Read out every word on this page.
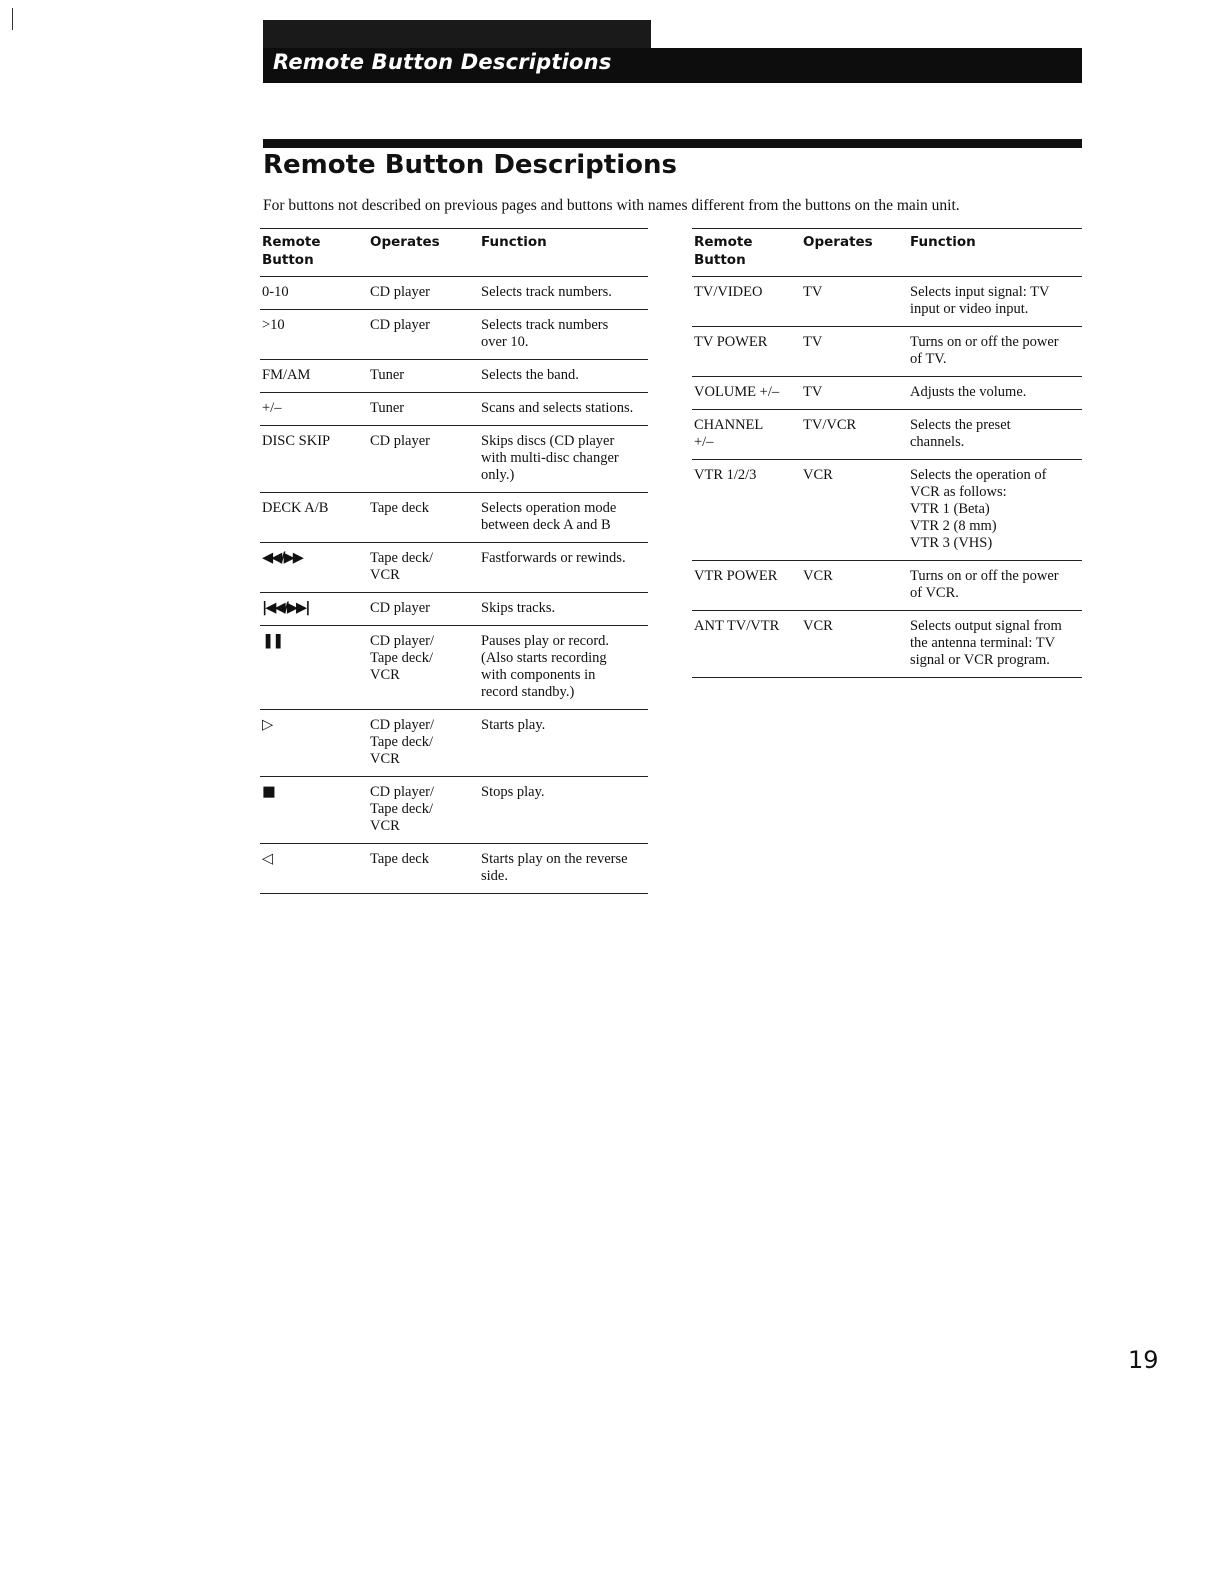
Remote Button Descriptions
Remote Button Descriptions
For buttons not described on previous pages and buttons with names different from the buttons on the main unit.
Remote
Button	Operates	Function
0-10	CD player	Selects track numbers.
>10	CD player	Selects track numbers
over 10.
FM/AM	Tuner	Selects the band.
+/–	Tuner	Scans and selects stations.
DISC SKIP	CD player	Skips discs (CD player
with multi-disc changer
only.)
DECK A/B	Tape deck	Selects operation mode
between deck A and B
◀◀/▶▶	Tape deck/
VCR	Fastforwards or rewinds.
|◀◀/▶▶|	CD player	Skips tracks.
❚❚	CD player/
Tape deck/
VCR	Pauses play or record.
(Also starts recording
with components in
record standby.)
▷	CD player/
Tape deck/
VCR	Starts play.
■	CD player/
Tape deck/
VCR	Stops play.
◁	Tape deck	Starts play on the reverse
side.
Remote
Button	Operates	Function
TV/VIDEO	TV	Selects input signal: TV
input or video input.
TV POWER	TV	Turns on or off the power
of TV.
VOLUME +/–	TV	Adjusts the volume.
CHANNEL
+/–	TV/VCR	Selects the preset
channels.
VTR 1/2/3	VCR	Selects the operation of
VCR as follows:
VTR 1 (Beta)
VTR 2 (8 mm)
VTR 3 (VHS)
VTR POWER	VCR	Turns on or off the power
of VCR.
ANT TV/VTR	VCR	Selects output signal from
the antenna terminal: TV
signal or VCR program.
19
